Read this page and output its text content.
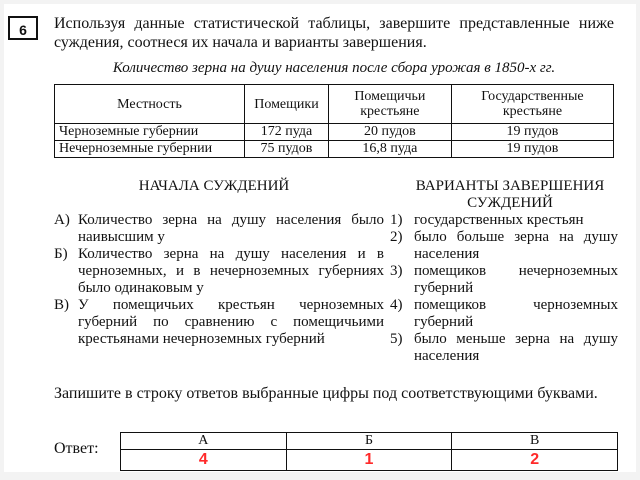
6	Используя данные статистической таблицы, завершите представленные ниже суждения, соотнеся их начала и варианты завершения.
Количество зерна на душу населения после сбора урожая в 1850-х гг.
Местность	Помещики	Помещичьи крестьяне	Государственные крестьяне
Черноземные губернии	172 пуда	20 пудов	19 пудов
Нечерноземные губернии	75 пудов	16,8 пуда	19 пудов
НАЧАЛА СУЖДЕНИЙ	ВАРИАНТЫ ЗАВЕРШЕНИЯ СУЖДЕНИЙ
А) Количество зерна на душу населения было наивысшим у
Б) Количество зерна на душу населения и в черноземных, и в нечерноземных губерниях было одинаковым у
В) У помещичьих крестьян черноземных губерний по сравнению с помещичьими крестьянами нечерноземных губерний
1) государственных крестьян
2) было больше зерна на душу населения
3) помещиков нечерноземных губерний
4) помещиков черноземных губерний
5) было меньше зерна на душу населения
Запишите в строку ответов выбранные цифры под соответствующими буквами.
Ответ:	А	Б	В
4	1	2
